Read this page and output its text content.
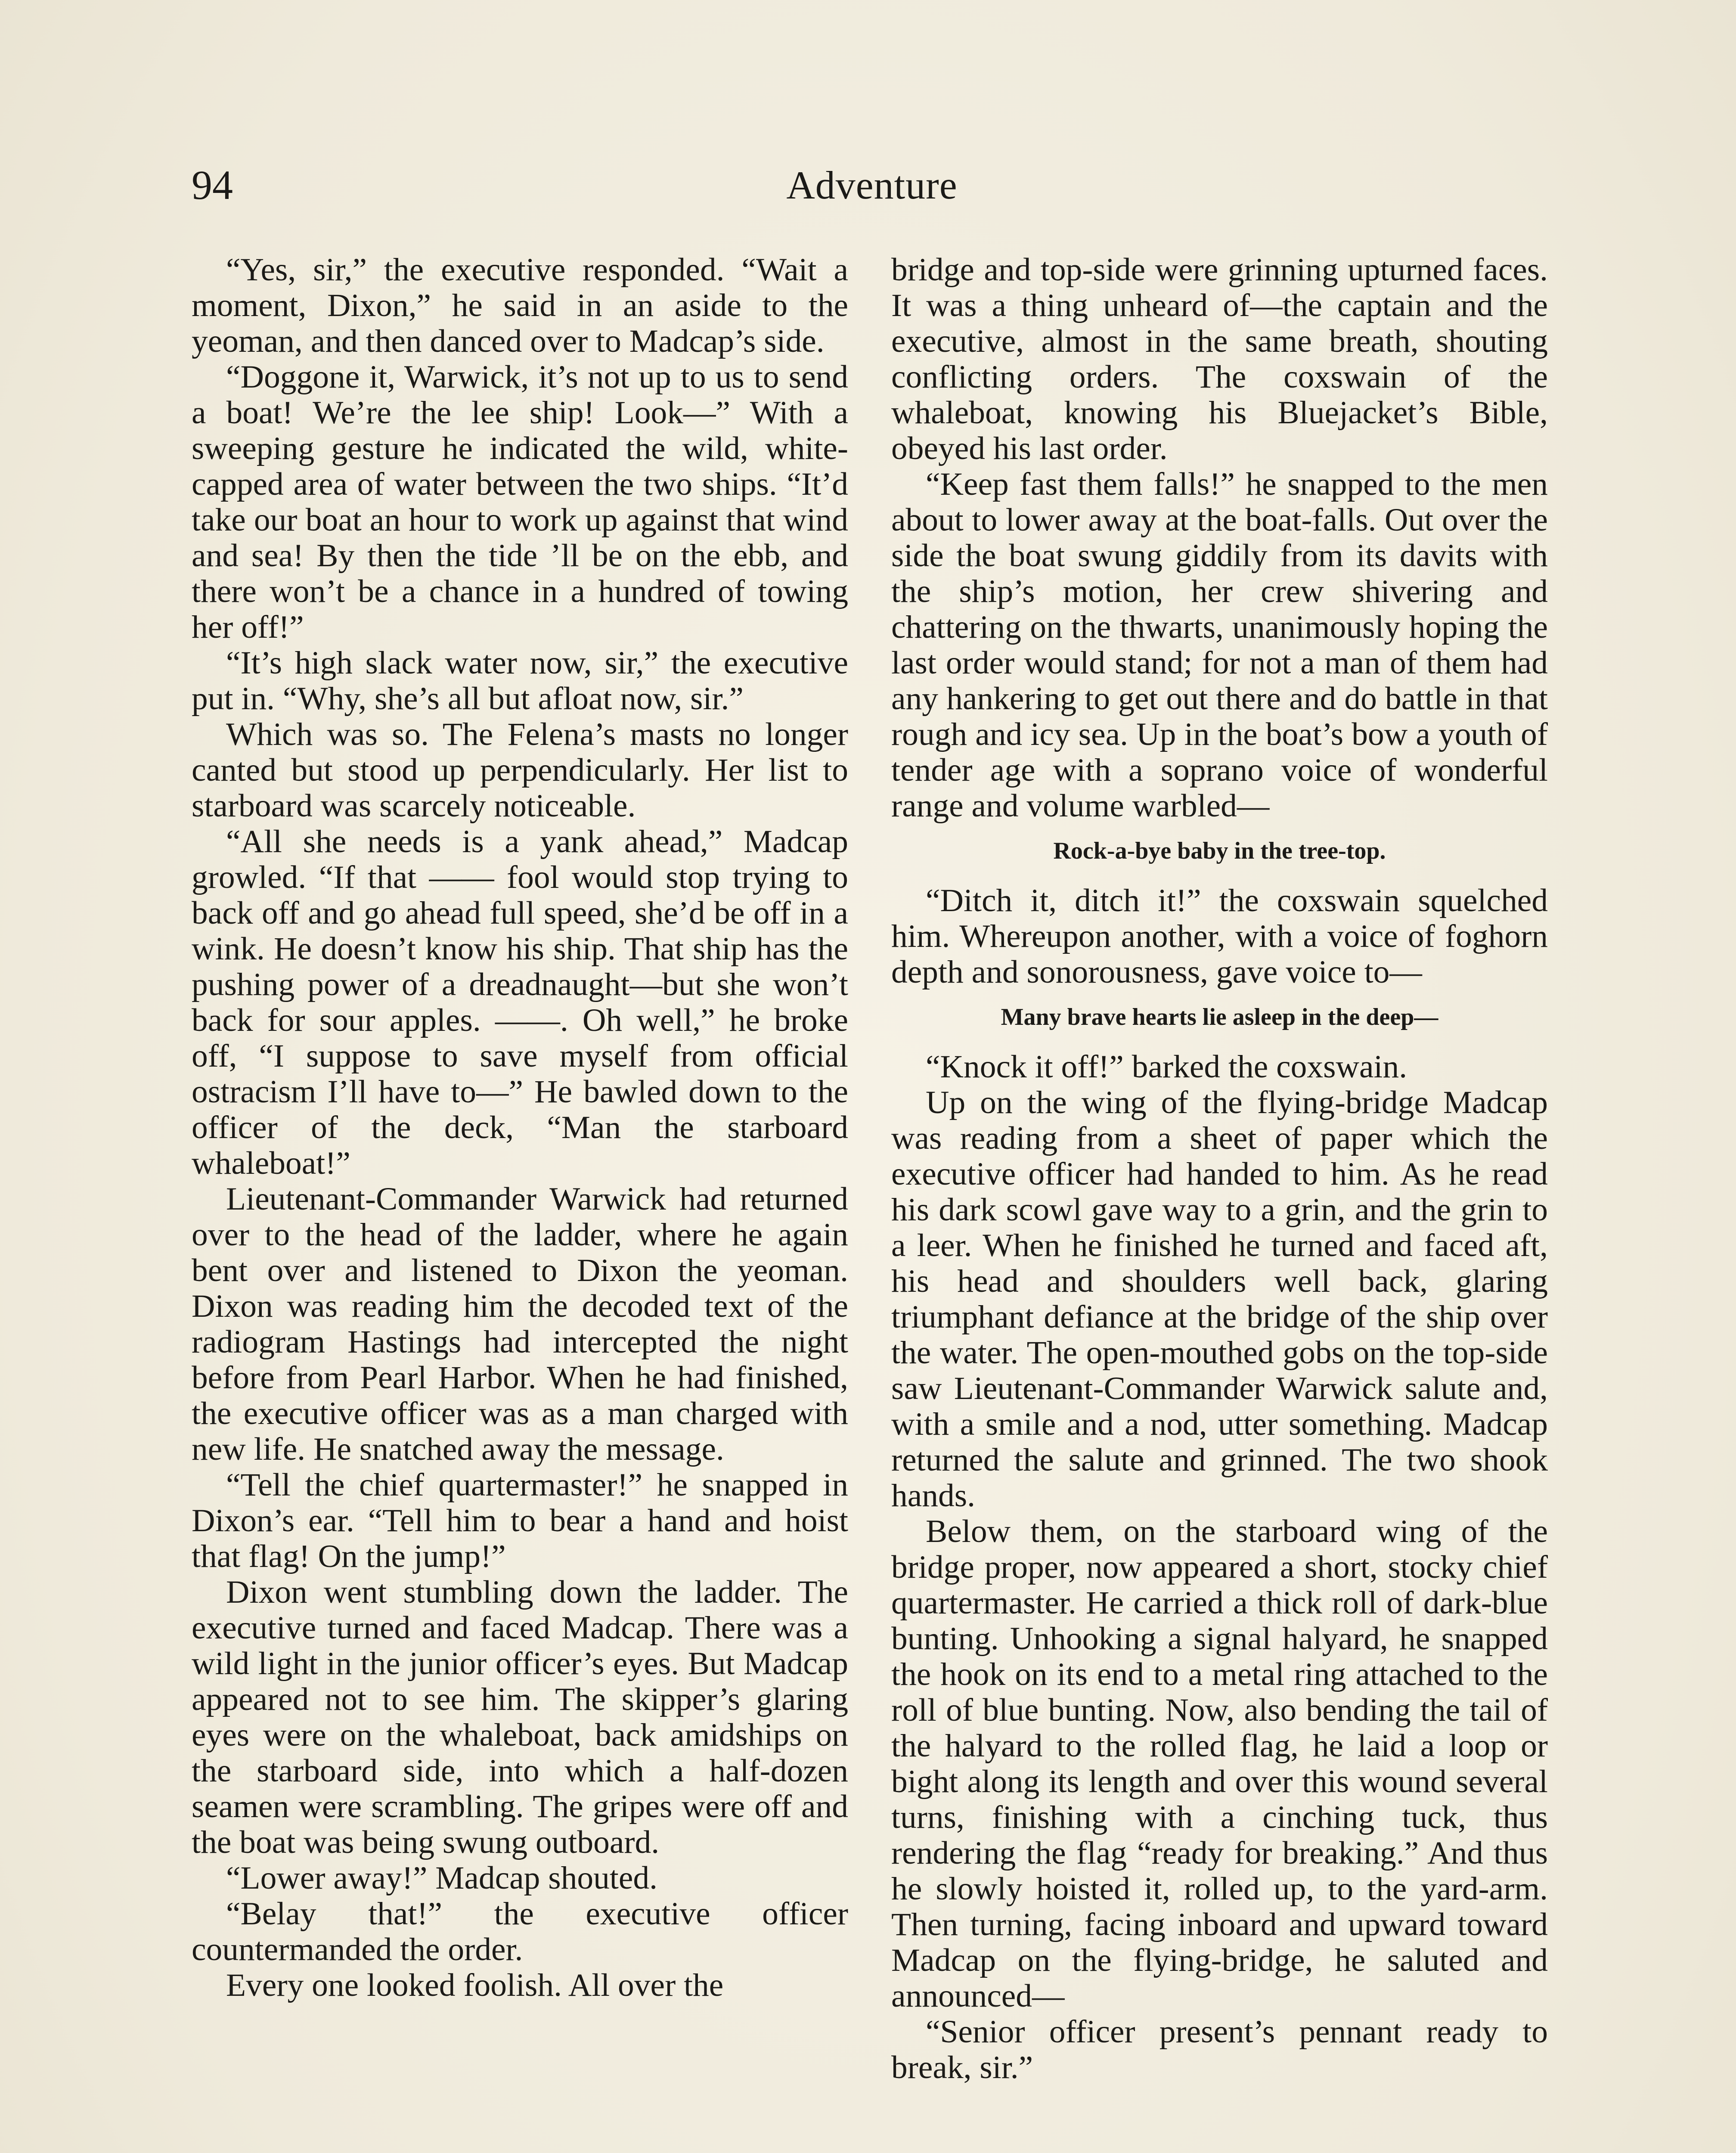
94	Adventure

“Yes, sir,” the executive responded. “Wait a moment, Dixon,” he said in an aside to the yeoman, and then danced over to Madcap’s side.

“Doggone it, Warwick, it’s not up to us to send a boat! We’re the lee ship! Look—” With a sweeping gesture he indicated the wild, white-capped area of water between the two ships. “It’d take our boat an hour to work up against that wind and sea! By then the tide ’ll be on the ebb, and there won’t be a chance in a hundred of towing her off!”

“It’s high slack water now, sir,” the executive put in. “Why, she’s all but afloat now, sir.”

Which was so. The Felena’s masts no longer canted but stood up perpendicularly. Her list to starboard was scarcely noticeable.

“All she needs is a yank ahead,” Madcap growled. “If that —— fool would stop trying to back off and go ahead full speed, she’d be off in a wink. He doesn’t know his ship. That ship has the pushing power of a dreadnaught—but she won’t back for sour apples. ——. Oh well,” he broke off, “I suppose to save myself from official ostracism I’ll have to—” He bawled down to the officer of the deck, “Man the starboard whaleboat!”

Lieutenant-Commander Warwick had returned over to the head of the ladder, where he again bent over and listened to Dixon the yeoman. Dixon was reading him the decoded text of the radiogram Hastings had intercepted the night before from Pearl Harbor. When he had finished, the executive officer was as a man charged with new life. He snatched away the message.

“Tell the chief quartermaster!” he snapped in Dixon’s ear. “Tell him to bear a hand and hoist that flag! On the jump!”

Dixon went stumbling down the ladder. The executive turned and faced Madcap. There was a wild light in the junior officer’s eyes. But Madcap appeared not to see him. The skipper’s glaring eyes were on the whaleboat, back amidships on the starboard side, into which a half-dozen seamen were scrambling. The gripes were off and the boat was being swung outboard.

“Lower away!” Madcap shouted.

“Belay that!” the executive officer countermanded the order.

Every one looked foolish. All over the

bridge and top-side were grinning upturned faces. It was a thing unheard of—the captain and the executive, almost in the same breath, shouting conflicting orders. The coxswain of the whaleboat, knowing his Bluejacket’s Bible, obeyed his last order.

“Keep fast them falls!” he snapped to the men about to lower away at the boat-falls. Out over the side the boat swung giddily from its davits with the ship’s motion, her crew shivering and chattering on the thwarts, unanimously hoping the last order would stand; for not a man of them had any hankering to get out there and do battle in that rough and icy sea. Up in the boat’s bow a youth of tender age with a soprano voice of wonderful range and volume warbled—

Rock-a-bye baby in the tree-top.

“Ditch it, ditch it!” the coxswain squelched him. Whereupon another, with a voice of foghorn depth and sonorousness, gave voice to—

Many brave hearts lie asleep in the deep—

“Knock it off!” barked the coxswain.

Up on the wing of the flying-bridge Madcap was reading from a sheet of paper which the executive officer had handed to him. As he read his dark scowl gave way to a grin, and the grin to a leer. When he finished he turned and faced aft, his head and shoulders well back, glaring triumphant defiance at the bridge of the ship over the water. The open-mouthed gobs on the top-side saw Lieutenant-Commander Warwick salute and, with a smile and a nod, utter something. Madcap returned the salute and grinned. The two shook hands.

Below them, on the starboard wing of the bridge proper, now appeared a short, stocky chief quartermaster. He carried a thick roll of dark-blue bunting. Unhooking a signal halyard, he snapped the hook on its end to a metal ring attached to the roll of blue bunting. Now, also bending the tail of the halyard to the rolled flag, he laid a loop or bight along its length and over this wound several turns, finishing with a cinching tuck, thus rendering the flag “ready for breaking.” And thus he slowly hoisted it, rolled up, to the yard-arm. Then turning, facing inboard and upward toward Madcap on the flying-bridge, he saluted and announced—

“Senior officer present’s pennant ready to break, sir.”
